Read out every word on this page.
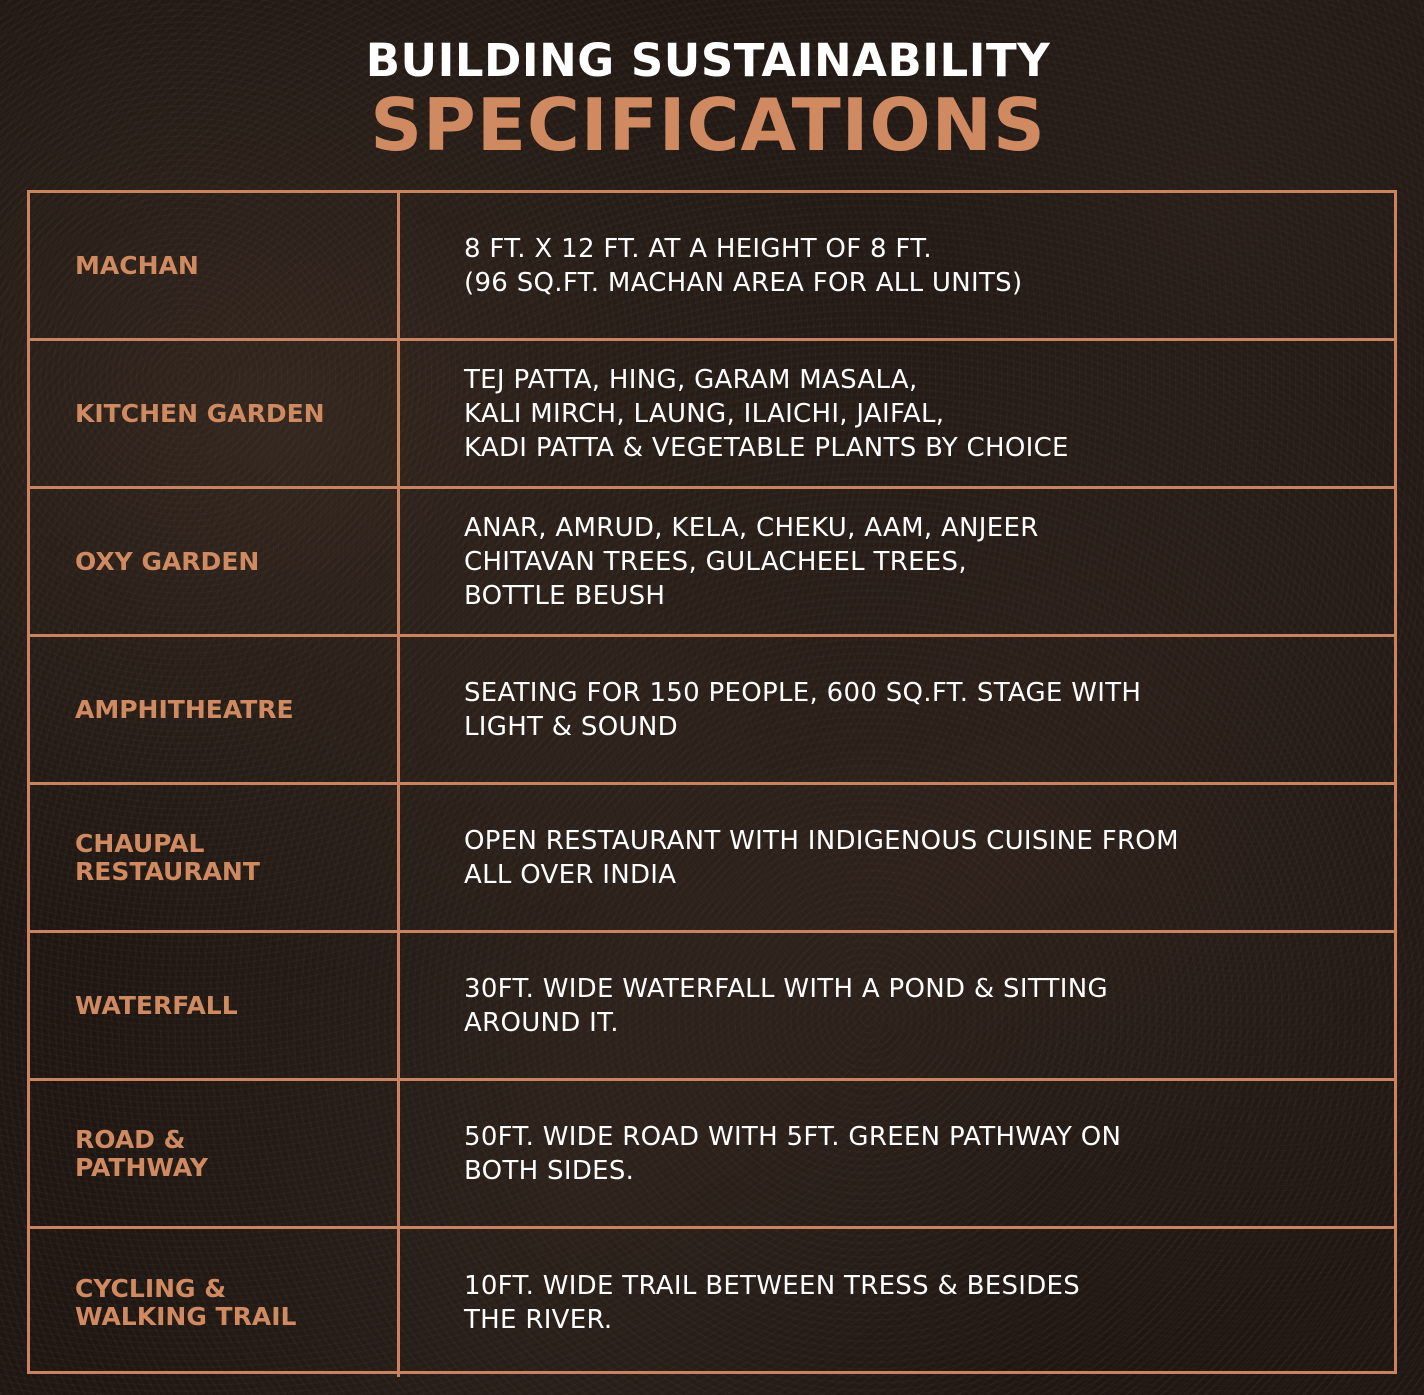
BUILDING SUSTAINABILITY
SPECIFICATIONS
MACHAN
8 FT. X 12 FT. AT A HEIGHT OF 8 FT.
(96 SQ.FT. MACHAN AREA FOR ALL UNITS)
KITCHEN GARDEN
TEJ PATTA, HING, GARAM MASALA,
KALI MIRCH, LAUNG, ILAICHI, JAIFAL,
KADI PATTA & VEGETABLE PLANTS BY CHOICE
OXY GARDEN
ANAR, AMRUD, KELA, CHEKU, AAM, ANJEER
CHITAVAN TREES, GULACHEEL TREES,
BOTTLE BEUSH
AMPHITHEATRE
SEATING FOR 150 PEOPLE, 600 SQ.FT. STAGE WITH
LIGHT & SOUND
CHAUPAL
RESTAURANT
OPEN RESTAURANT WITH INDIGENOUS CUISINE FROM
ALL OVER INDIA
WATERFALL
30FT. WIDE WATERFALL WITH A POND & SITTING
AROUND IT.
ROAD &
PATHWAY
50FT. WIDE ROAD WITH 5FT. GREEN PATHWAY ON
BOTH SIDES.
CYCLING &
WALKING TRAIL
10FT. WIDE TRAIL BETWEEN TRESS & BESIDES
THE RIVER.
